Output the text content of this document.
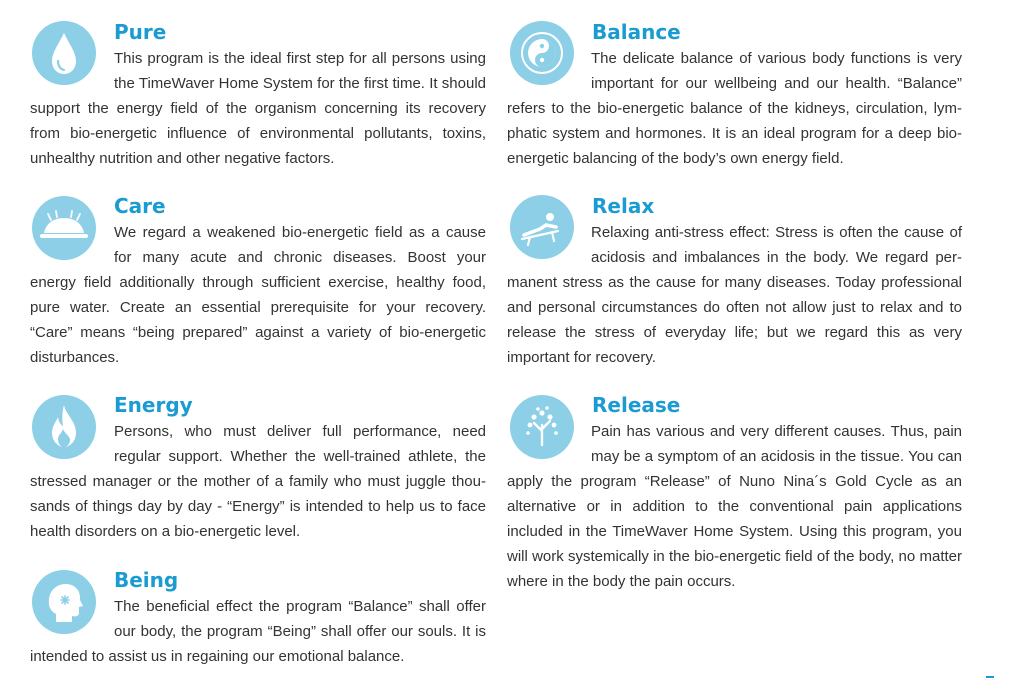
Pure

This program is the ideal first step for all persons using the TimeWaver Home System for the first time. It should support the energy field of the organism concerning its recovery from bio-energetic influence of environmental pollutants, toxins, unhealthy nutrition and other negative factors.

Balance

The delicate balance of various body functions is very important for our wellbeing and our health. “Balance” refers to the bio-energetic balance of the kidneys, circulation, lymphatic system and hormones. It is an ideal program for a deep bio-energetic balancing of the body’s own energy field.

Care

We regard a weakened bio-energetic field as a cause for many acute and chronic diseases. Boost your energy field additionally through sufficient exercise, healthy food, pure water. Create an essential prerequisite for your recovery. “Care” means “being prepared” against a variety of bio-energetic disturbances.

Relax

Relaxing anti-stress effect: Stress is often the cause of acidosis and imbalances in the body. We regard permanent stress as the cause for many diseases. Today professional and personal circumstances do often not allow just to relax and to release the stress of everyday life; but we regard this as very important for recovery.

Energy

Persons, who must deliver full performance, need regular support. Whether the well-trained athlete, the stressed manager or the mother of a family who must juggle thousands of things day by day - “Energy” is intended to help us to face health disorders on a bio-energetic level.

Release

Pain has various and very different causes. Thus, pain may be a symptom of an acidosis in the tissue. You can apply the program “Release” of Nuno Nina´s Gold Cycle as an alternative or in addition to the conventional pain applications included in the TimeWaver Home System. Using this program, you will work systemically in the bio-energetic field of the body, no matter where in the body the pain occurs.

Being

The beneficial effect the program “Balance” shall offer our body, the program “Being” shall offer our souls. It is intended to assist us in regaining our emotional balance.
